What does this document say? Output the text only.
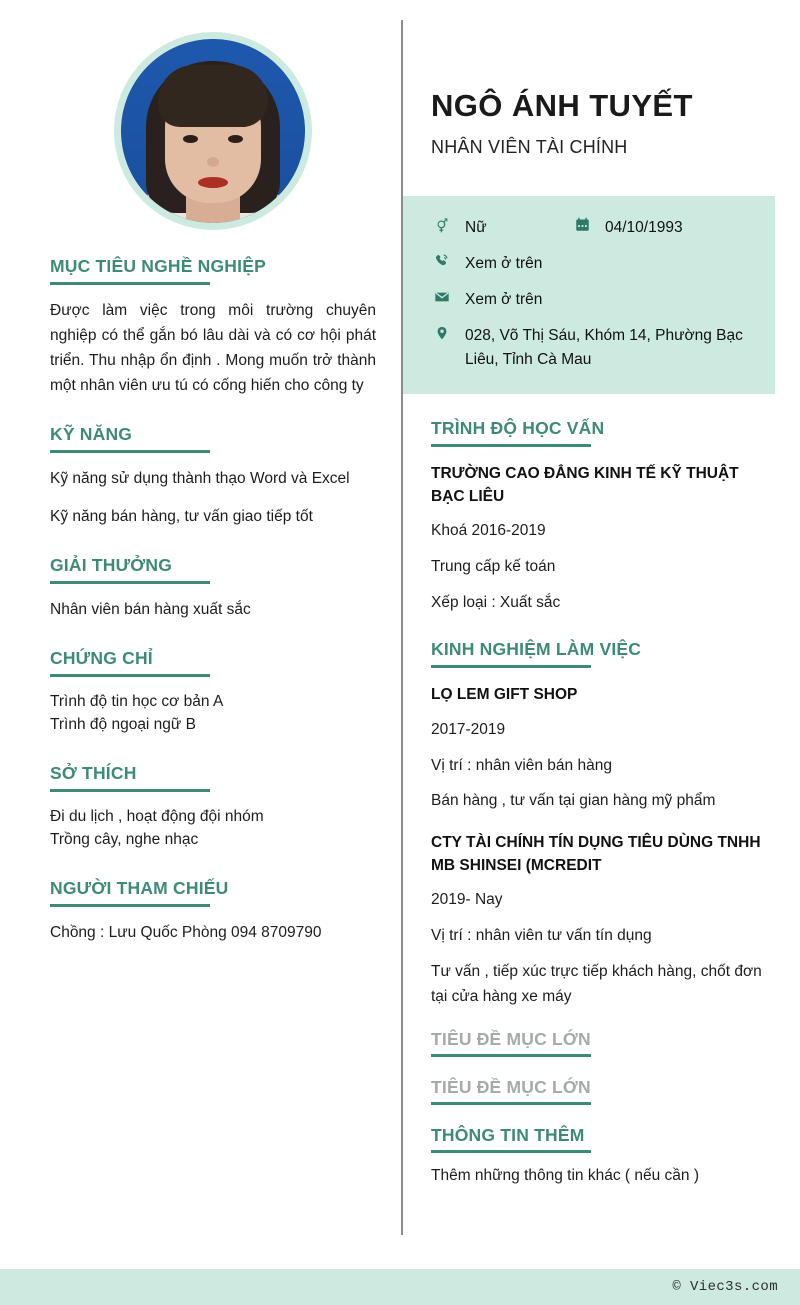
MỤC TIÊU NGHỀ NGHIỆP
Được làm việc trong môi trường chuyên nghiệp có thể gắn bó lâu dài và có cơ hội phát triển. Thu nhập ổn định . Mong muốn trở thành một nhân viên ưu tú có cống hiến cho công ty
KỸ NĂNG
Kỹ năng sử dụng thành thạo Word và Excel
Kỹ năng bán hàng, tư vấn giao tiếp tốt
GIẢI THƯỞNG
Nhân viên bán hàng xuất sắc
CHỨNG CHỈ
Trình độ tin học cơ bản A
Trình độ ngoại ngữ B
SỞ THÍCH
Đi du lịch , hoạt động đội nhóm
Trồng cây, nghe nhạc
NGƯỜI THAM CHIẾU
Chồng : Lưu Quốc Phòng 094 8709790
NGÔ ÁNH TUYẾT
NHÂN VIÊN TÀI CHÍNH
Nữ	04/10/1993
Xem ở trên
Xem ở trên
028, Võ Thị Sáu, Khóm 14, Phường Bạc Liêu, Tỉnh Cà Mau
TRÌNH ĐỘ HỌC VẤN
TRƯỜNG CAO ĐẲNG KINH TẾ KỸ THUẬT BẠC LIÊU
Khoá 2016-2019
Trung cấp kế toán
Xếp loại : Xuất sắc
KINH NGHIỆM LÀM VIỆC
LỌ LEM GIFT SHOP
2017-2019
Vị trí : nhân viên bán hàng
Bán hàng , tư vấn tại gian hàng mỹ phẩm
CTY TÀI CHÍNH TÍN DỤNG TIÊU DÙNG TNHH MB SHINSEI (MCREDIT
2019- Nay
Vị trí : nhân viên tư vấn tín dụng
Tư vấn , tiếp xúc trực tiếp khách hàng, chốt đơn tại cửa hàng xe máy
TIÊU ĐỀ MỤC LỚN
TIÊU ĐỀ MỤC LỚN
THÔNG TIN THÊM
Thêm những thông tin khác ( nếu cần )
© Viec3s.com
